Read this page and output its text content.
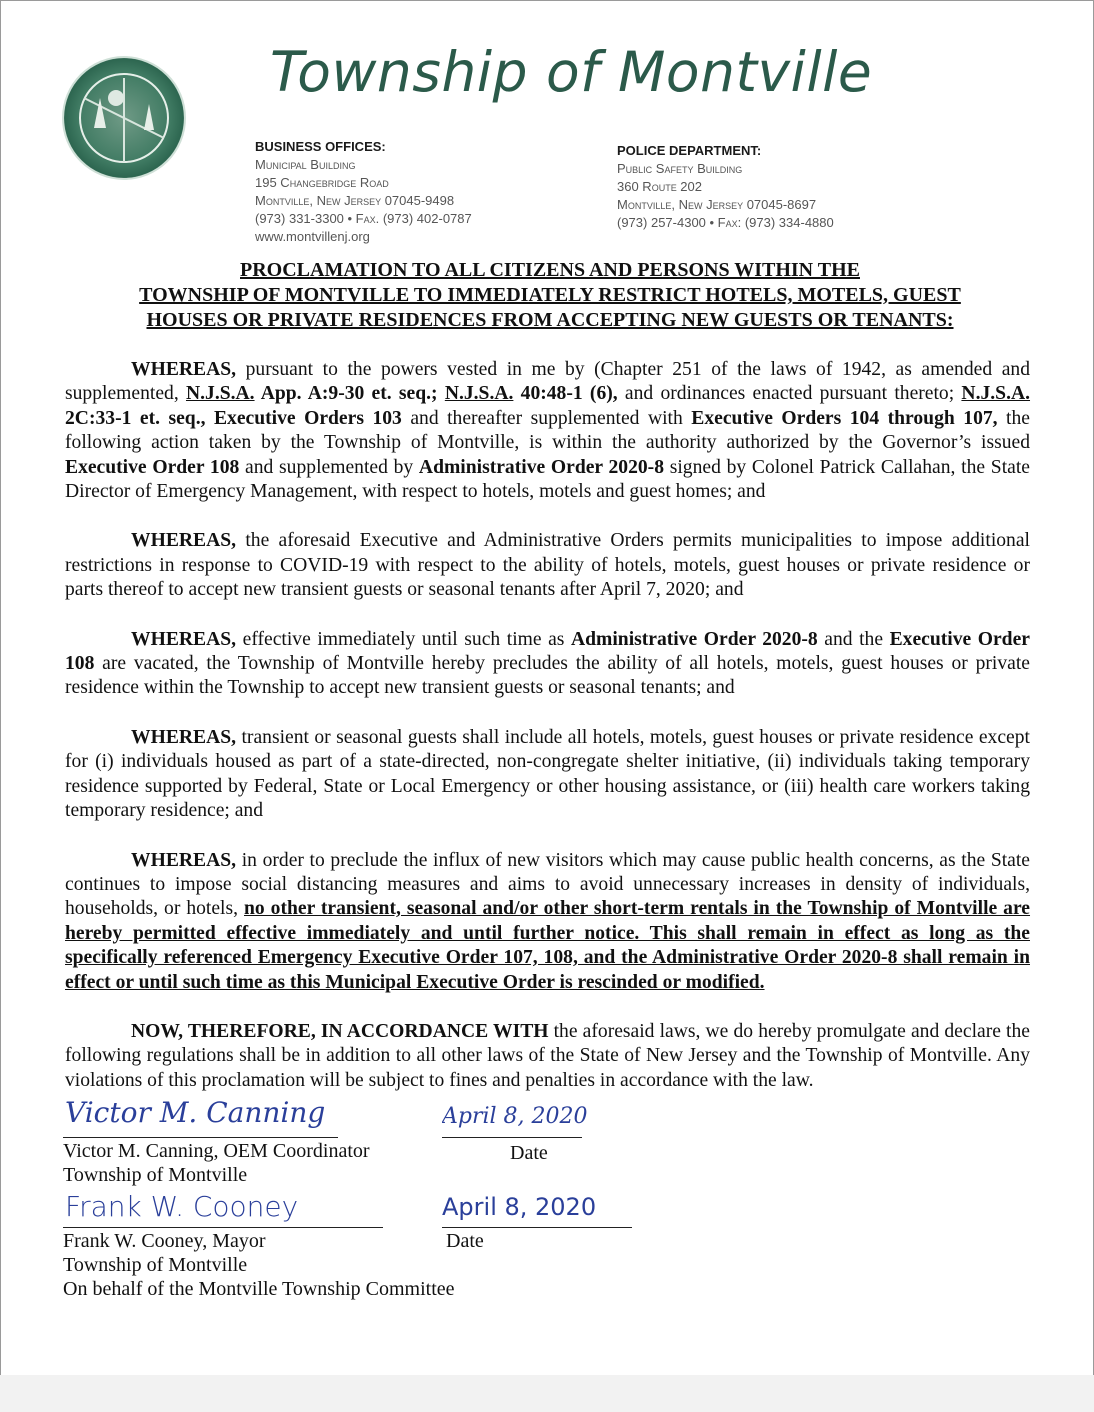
Township of Montville
BUSINESS OFFICES:
Municipal Building
195 Changebridge Road
Montville, New Jersey 07045-9498
(973) 331-3300 • Fax. (973) 402-0787
www.montvillenj.org
POLICE DEPARTMENT:
Public Safety Building
360 Route 202
Montville, New Jersey 07045-8697
(973) 257-4300 • Fax: (973) 334-4880
PROCLAMATION TO ALL CITIZENS AND PERSONS WITHIN THE
TOWNSHIP OF MONTVILLE TO IMMEDIATELY RESTRICT HOTELS, MOTELS, GUEST
HOUSES OR PRIVATE RESIDENCES FROM ACCEPTING NEW GUESTS OR TENANTS:

WHEREAS, pursuant to the powers vested in me by (Chapter 251 of the laws of 1942, as amended and supplemented, N.J.S.A. App. A:9-30 et. seq.; N.J.S.A. 40:48-1 (6), and ordinances enacted pursuant thereto; N.J.S.A. 2C:33-1 et. seq., Executive Orders 103 and thereafter supplemented with Executive Orders 104 through 107, the following action taken by the Township of Montville, is within the authority authorized by the Governor’s issued Executive Order 108 and supplemented by Administrative Order 2020-8 signed by Colonel Patrick Callahan, the State Director of Emergency Management, with respect to hotels, motels and guest homes; and

WHEREAS, the aforesaid Executive and Administrative Orders permits municipalities to impose additional restrictions in response to COVID-19 with respect to the ability of hotels, motels, guest houses or private residence or parts thereof to accept new transient guests or seasonal tenants after April 7, 2020; and

WHEREAS, effective immediately until such time as Administrative Order 2020-8 and the Executive Order 108 are vacated, the Township of Montville hereby precludes the ability of all hotels, motels, guest houses or private residence within the Township to accept new transient guests or seasonal tenants; and

WHEREAS, transient or seasonal guests shall include all hotels, motels, guest houses or private residence except for (i) individuals housed as part of a state-directed, non-congregate shelter initiative, (ii) individuals taking temporary residence supported by Federal, State or Local Emergency or other housing assistance, or (iii) health care workers taking temporary residence; and

WHEREAS, in order to preclude the influx of new visitors which may cause public health concerns, as the State continues to impose social distancing measures and aims to avoid unnecessary increases in density of individuals, households, or hotels, no other transient, seasonal and/or other short-term rentals in the Township of Montville are hereby permitted effective immediately and until further notice. This shall remain in effect as long as the specifically referenced Emergency Executive Order 107, 108, and the Administrative Order 2020-8 shall remain in effect or until such time as this Municipal Executive Order is rescinded or modified.

NOW, THEREFORE, IN ACCORDANCE WITH the aforesaid laws, we do hereby promulgate and declare the following regulations shall be in addition to all other laws of the State of New Jersey and the Township of Montville. Any violations of this proclamation will be subject to fines and penalties in accordance with the law.

Victor M. Canning
Victor M. Canning, OEM Coordinator
Township of Montville
April 8, 2020
Date
Frank W. Cooney
Frank W. Cooney, Mayor
Township of Montville
On behalf of the Montville Township Committee
April 8, 2020
Date
